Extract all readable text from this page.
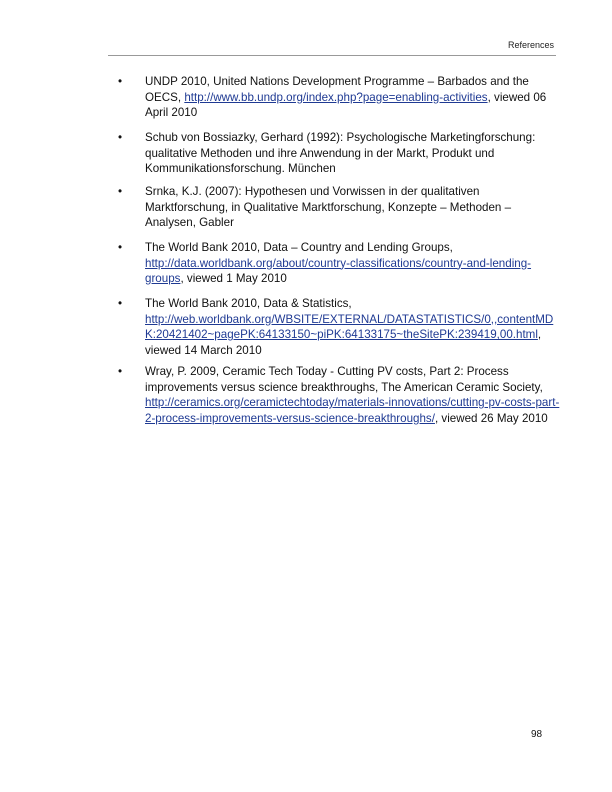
References
• UNDP 2010, United Nations Development Programme – Barbados and the
OECS, http://www.bb.undp.org/index.php?page=enabling-activities, viewed 06
April 2010
• Schub von Bossiazky, Gerhard (1992): Psychologische Marketingforschung:
qualitative Methoden und ihre Anwendung in der Markt, Produkt und
Kommunikationsforschung. München
• Srnka, K.J. (2007): Hypothesen und Vorwissen in der qualitativen
Marktforschung, in Qualitative Marktforschung, Konzepte – Methoden –
Analysen, Gabler
• The World Bank 2010, Data – Country and Lending Groups,
http://data.worldbank.org/about/country-classifications/country-and-lending-
groups, viewed 1 May 2010
• The World Bank 2010, Data & Statistics,
http://web.worldbank.org/WBSITE/EXTERNAL/DATASTATISTICS/0,,contentMD
K:20421402~pagePK:64133150~piPK:64133175~theSitePK:239419,00.html,
viewed 14 March 2010
• Wray, P. 2009, Ceramic Tech Today - Cutting PV costs, Part 2: Process
improvements versus science breakthroughs, The American Ceramic Society,
http://ceramics.org/ceramictechtoday/materials-innovations/cutting-pv-costs-part-
2-process-improvements-versus-science-breakthroughs/, viewed 26 May 2010
98
